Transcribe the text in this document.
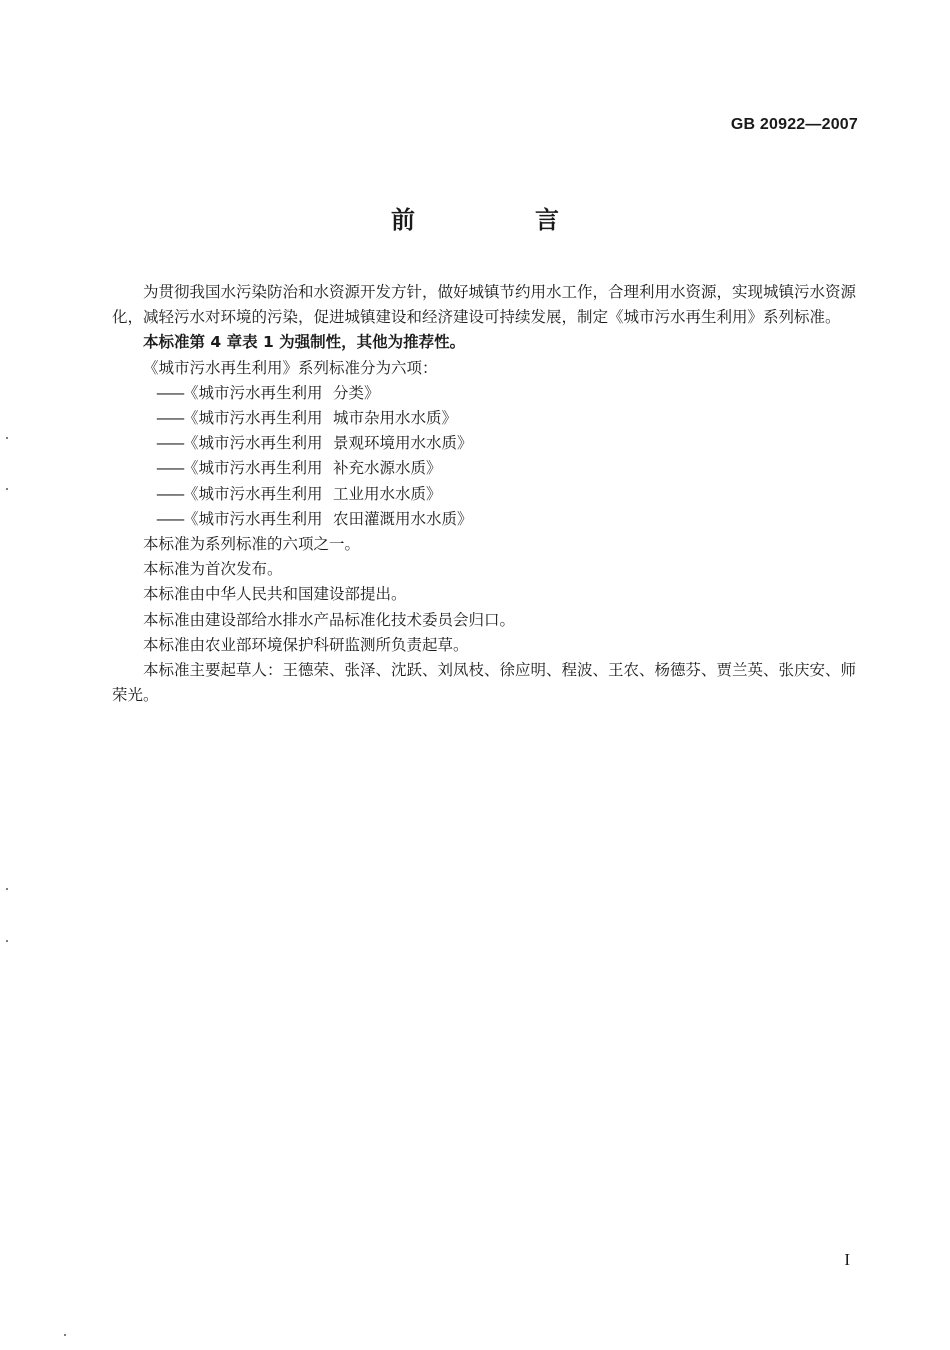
GB 20922—2007
前　言

为贯彻我国水污染防治和水资源开发方针，做好城镇节约用水工作，合理利用水资源，实现城镇污水资源化，减轻污水对环境的污染，促进城镇建设和经济建设可持续发展，制定《城市污水再生利用》系列标准。

本标准第 4 章表 1 为强制性，其他为推荐性。

《城市污水再生利用》系列标准分为六项：

——《城市污水再生利用 分类》

——《城市污水再生利用 城市杂用水水质》

——《城市污水再生利用 景观环境用水水质》

——《城市污水再生利用 补充水源水质》

——《城市污水再生利用 工业用水水质》

——《城市污水再生利用 农田灌溉用水水质》

本标准为系列标准的六项之一。

本标准为首次发布。

本标准由中华人民共和国建设部提出。

本标准由建设部给水排水产品标准化技术委员会归口。

本标准由农业部环境保护科研监测所负责起草。

本标准主要起草人：王德荣、张泽、沈跃、刘凤枝、徐应明、程波、王农、杨德芬、贾兰英、张庆安、师荣光。

I
